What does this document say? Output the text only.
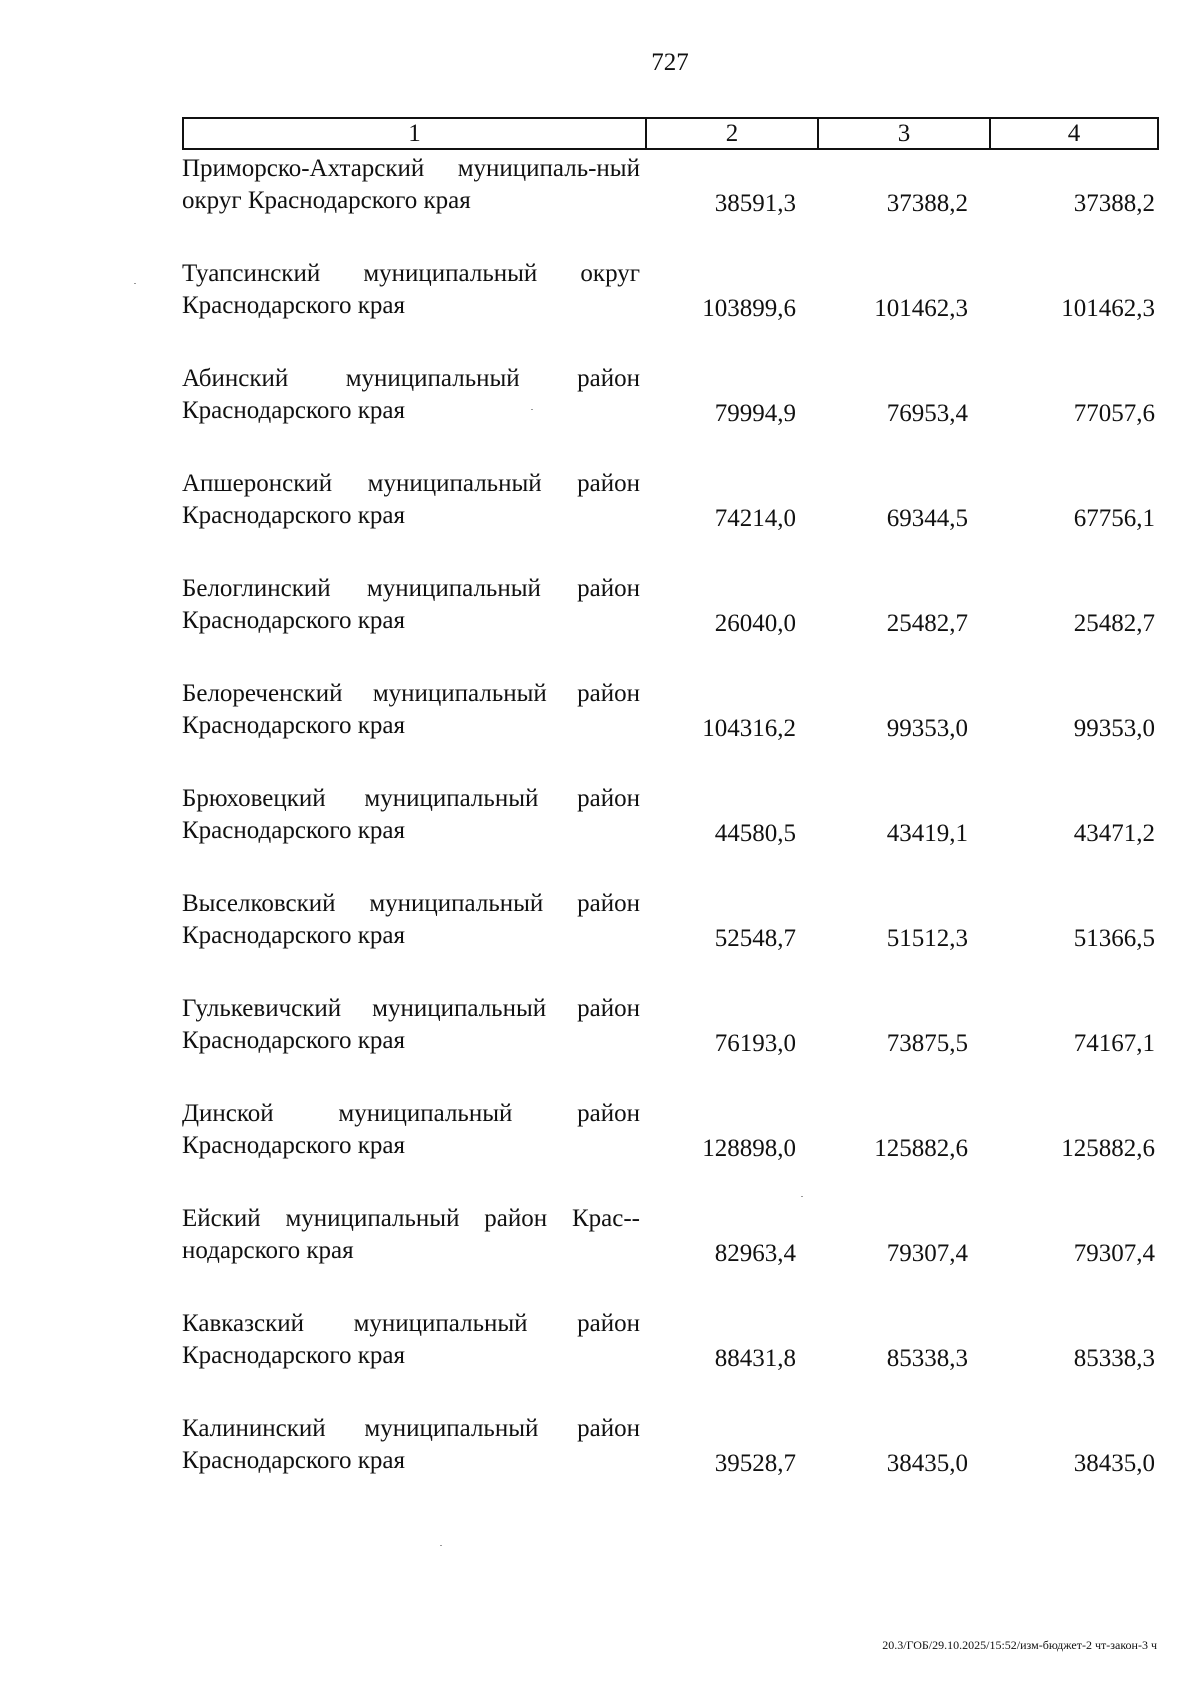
727
1	2	3	4
Приморско-Ахтарский муниципаль-ный округ Краснодарского края	38591,3	37388,2	37388,2
Туапсинский муниципальный округ Краснодарского края	103899,6	101462,3	101462,3
Абинский муниципальный район Краснодарского края	79994,9	76953,4	77057,6
Апшеронский муниципальный район Краснодарского края	74214,0	69344,5	67756,1
Белоглинский муниципальный район Краснодарского края	26040,0	25482,7	25482,7
Белореченский муниципальный район Краснодарского края	104316,2	99353,0	99353,0
Брюховецкий муниципальный район Краснодарского края	44580,5	43419,1	43471,2
Выселковский муниципальный район Краснодарского края	52548,7	51512,3	51366,5
Гулькевичский муниципальный район Краснодарского края	76193,0	73875,5	74167,1
Динской муниципальный район Краснодарского края	128898,0	125882,6	125882,6
Ейский муниципальный район Крас-нодарского края	82963,4	79307,4	79307,4
Кавказский муниципальный район Краснодарского края	88431,8	85338,3	85338,3
Калининский муниципальный район Краснодарского края	39528,7	38435,0	38435,0
20.3/ГОБ/29.10.2025/15:52/изм-бюджет-2 чт-закон-3 ч
